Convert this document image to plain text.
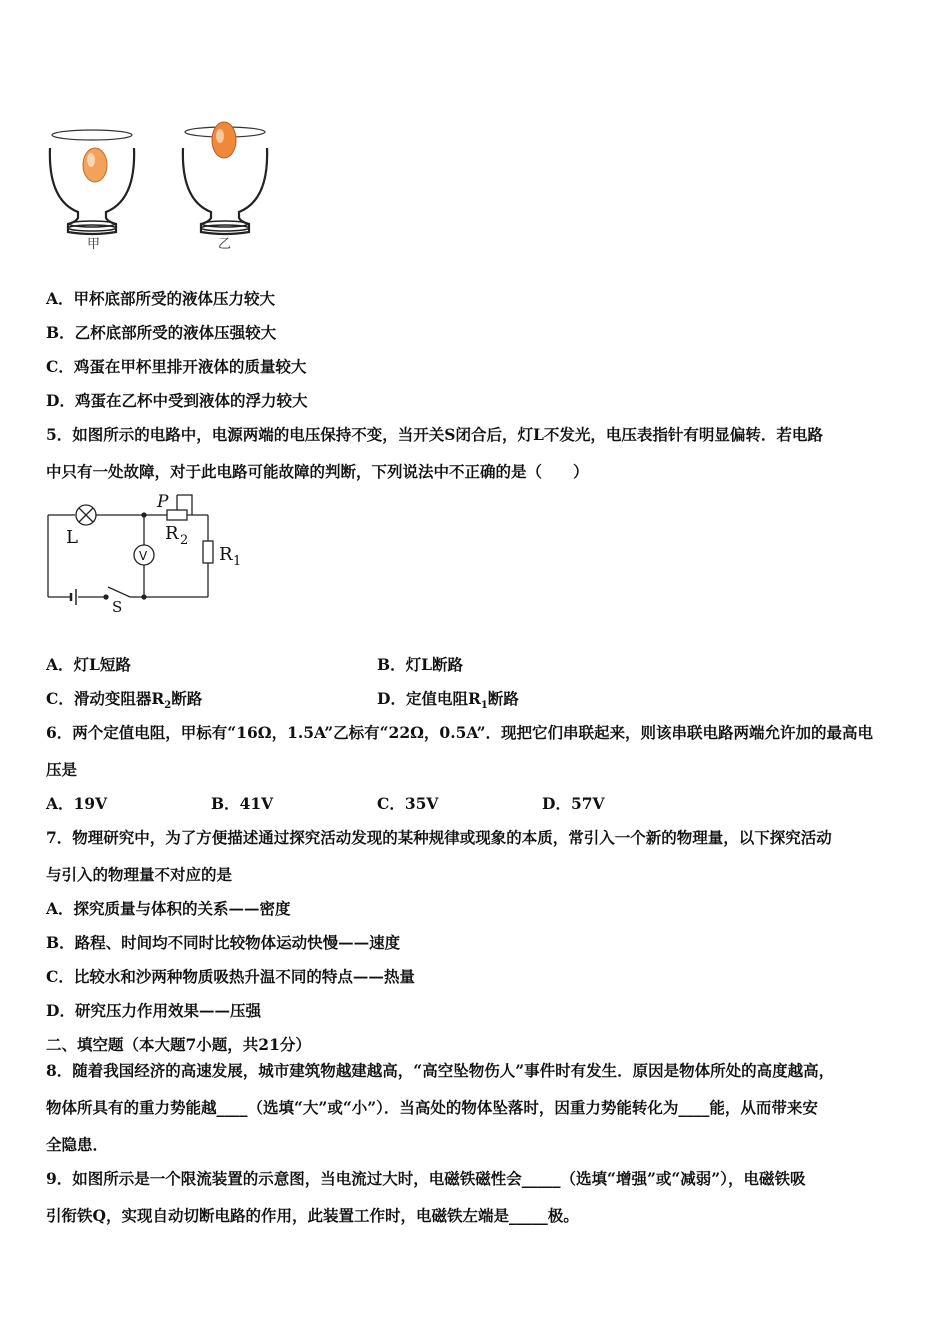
甲	乙
A．甲杯底部所受的液体压力较大
B．乙杯底部所受的液体压强较大
C．鸡蛋在甲杯里排开液体的质量较大
D．鸡蛋在乙杯中受到液体的浮力较大
5．如图所示的电路中，电源两端的电压保持不变，当开关S闭合后，灯L不发光，电压表指针有明显偏转．若电路
中只有一处故障，对于此电路可能故障的判断，下列说法中不正确的是（　　）
L
P
R 2
V	R 1
S
A．灯L短路	B．灯L断路
C．滑动变阻器$R_2$断路	D．定值电阻$R_1$断路
6．两个定值电阻，甲标有“16Ω，1.5A”乙标有“22Ω，0.5A”．现把它们串联起来，则该串联电路两端允许加的最高电
压是
A．19V	B．41V	C．35V	D．57V
7．物理研究中，为了方便描述通过探究活动发现的某种规律或现象的本质，常引入一个新的物理量，以下探究活动
与引入的物理量不对应的是
A．探究质量与体积的关系——密度
B．路程、时间均不同时比较物体运动快慢——速度
C．比较水和沙两种物质吸热升温不同的特点——热量
D．研究压力作用效果——压强
二、填空题（本大题7小题，共21分）
8．随着我国经济的高速发展，城市建筑物越建越高，“高空坠物伤人”事件时有发生．原因是物体所处的高度越高，
物体所具有的重力势能越____（选填“大”或“小”）．当高处的物体坠落时，因重力势能转化为____能，从而带来安
全隐患．
9．如图所示是一个限流装置的示意图，当电流过大时，电磁铁磁性会_____（选填“增强”或“减弱”），电磁铁吸
引衔铁Q，实现自动切断电路的作用，此装置工作时，电磁铁左端是_____极。
